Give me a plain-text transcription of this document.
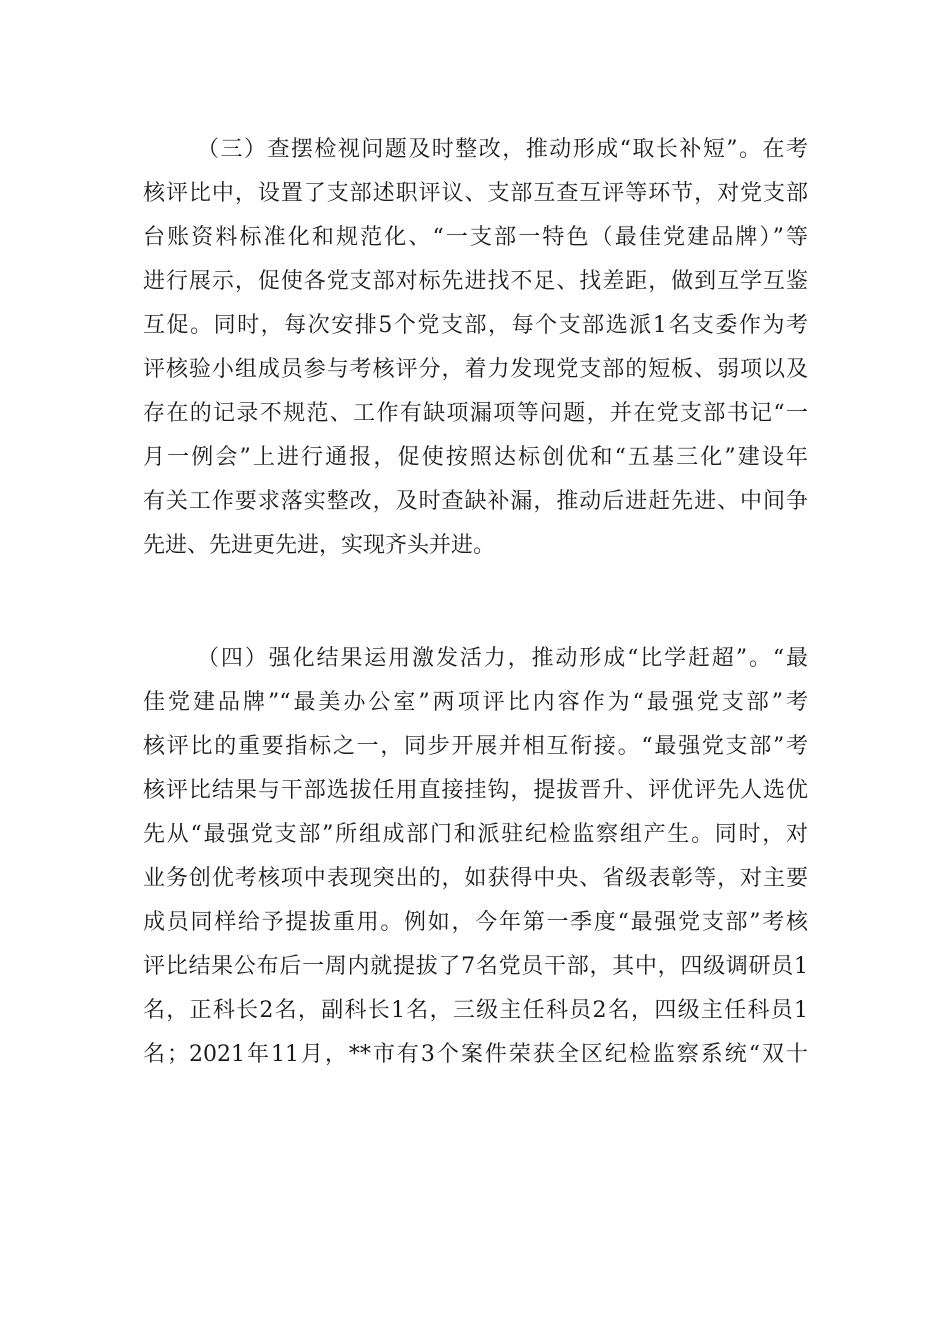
（三）查摆检视问题及时整改，推动形成“取长补短”。在考
核评比中，设置了支部述职评议、支部互查互评等环节，对党支部
台账资料标准化和规范化、“一支部一特色（最佳党建品牌）”等
进行展示，促使各党支部对标先进找不足、找差距，做到互学互鉴
互促。同时，每次安排5个党支部，每个支部选派1名支委作为考
评核验小组成员参与考核评分，着力发现党支部的短板、弱项以及
存在的记录不规范、工作有缺项漏项等问题，并在党支部书记“一
月一例会”上进行通报，促使按照达标创优和“五基三化”建设年
有关工作要求落实整改，及时查缺补漏，推动后进赶先进、中间争
先进、先进更先进，实现齐头并进。
（四）强化结果运用激发活力，推动形成“比学赶超”。“最
佳党建品牌”“最美办公室”两项评比内容作为“最强党支部”考
核评比的重要指标之一，同步开展并相互衔接。“最强党支部”考
核评比结果与干部选拔任用直接挂钩，提拔晋升、评优评先人选优
先从“最强党支部”所组成部门和派驻纪检监察组产生。同时，对
业务创优考核项中表现突出的，如获得中央、省级表彰等，对主要
成员同样给予提拔重用。例如，今年第一季度“最强党支部”考核
评比结果公布后一周内就提拔了7名党员干部，其中，四级调研员1
名，正科长2名，副科长1名，三级主任科员2名，四级主任科员1
名；2021年11月，**市有3个案件荣获全区纪检监察系统“双十
